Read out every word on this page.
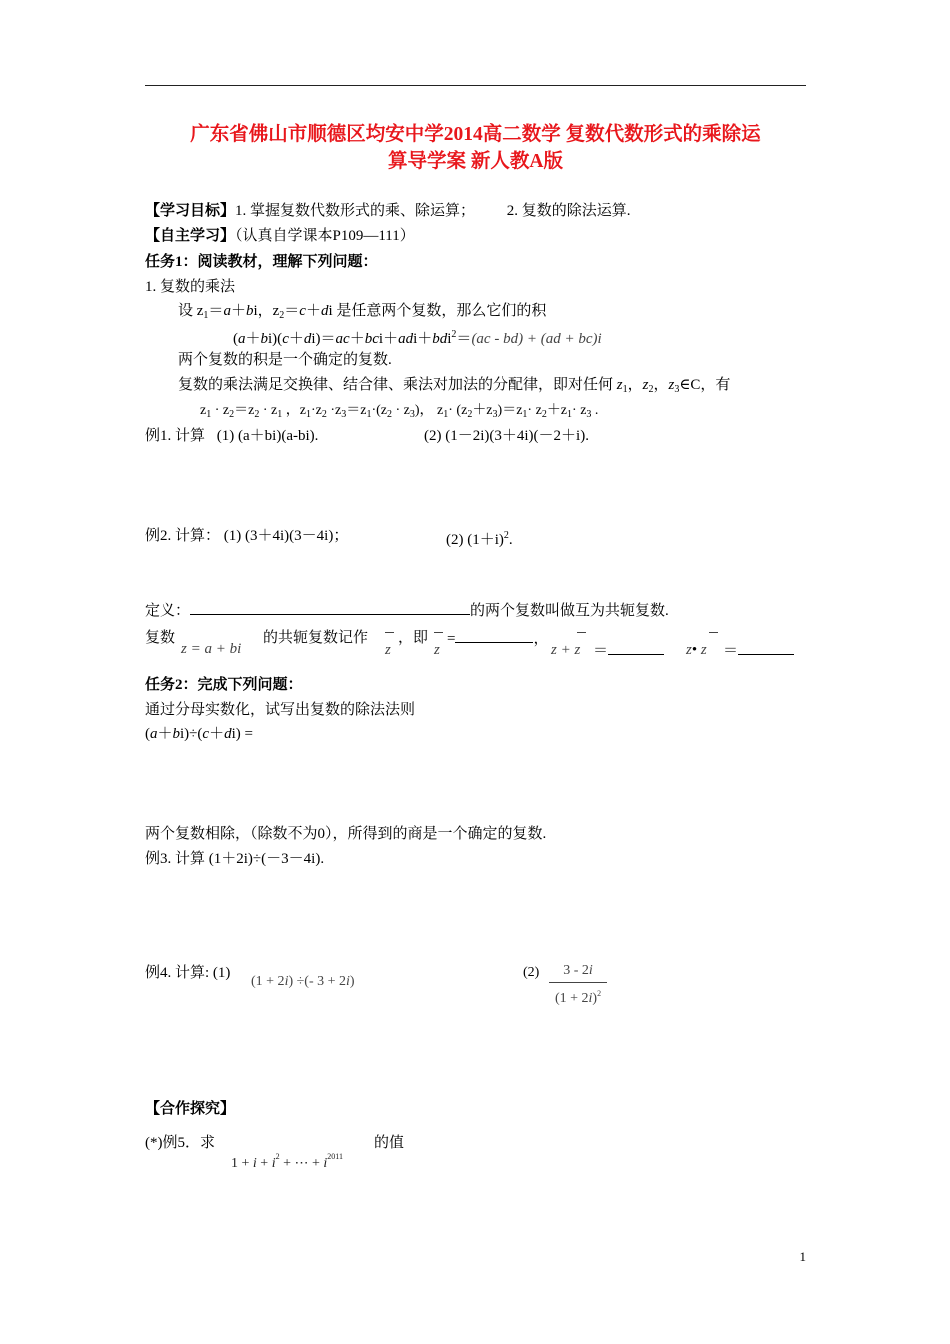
广东省佛山市顺德区均安中学2014高二数学 复数代数形式的乘除运
算导学案 新人教A版
【学习目标】1. 掌握复数代数形式的乘、除运算； 2. 复数的除法运算.
【自主学习】（认真自学课本P109—111）
任务1：阅读教材，理解下列问题：
1. 复数的乘法
设 $z_1=a+bi$，$z_2=c+di$ 是任意两个复数，那么它们的积
(a＋bi)(c＋di)＝ac＋bci＋adi＋bdi$^2$＝(ac - bd) + (ad + bc)i
两个复数的积是一个确定的复数.
复数的乘法满足交换律、结合律、乘法对加法的分配律，即对任何 $z_1$，$z_2$，$z_3\in C$，有
$z_1 \cdot z_2=z_2 \cdot z_1$ ，$z_1\cdot z_2 \cdot z_3=z_1\cdot(z_2 \cdot z_3)$， $z_1\cdot (z_2+z_3)=z_1\cdot z_2+z_1\cdot z_3$ .
例1. 计算 (1) (a＋bi)(a-bi).	(2) (1－2i)(3＋4i)(－2＋i).
例2. 计算： (1) (3＋4i)(3－4i)；	(2) $(1+i)^2$.
定义：	的两个复数叫做互为共轭复数.
复数
z = a + bi
的共轭复数记作
z
，即
z
=	，
z + z ＝	z• z ＝
任务2：完成下列问题：
通过分母实数化，试写出复数的除法法则
(a＋bi)÷(c＋di) =
两个复数相除，（除数不为0），所得到的商是一个确定的复数.
例3. 计算 (1＋2i)÷(－3－4i).
例4. 计算: (1)
(1 + 2i) ÷(- 3 + 2i)
(2)	3 - 2i
$(1 + 2i)^2$
【合作探究】
(*)例5．求
$1 + i + i^2$ + ⋯ + $i^{2011}$
的值
1
